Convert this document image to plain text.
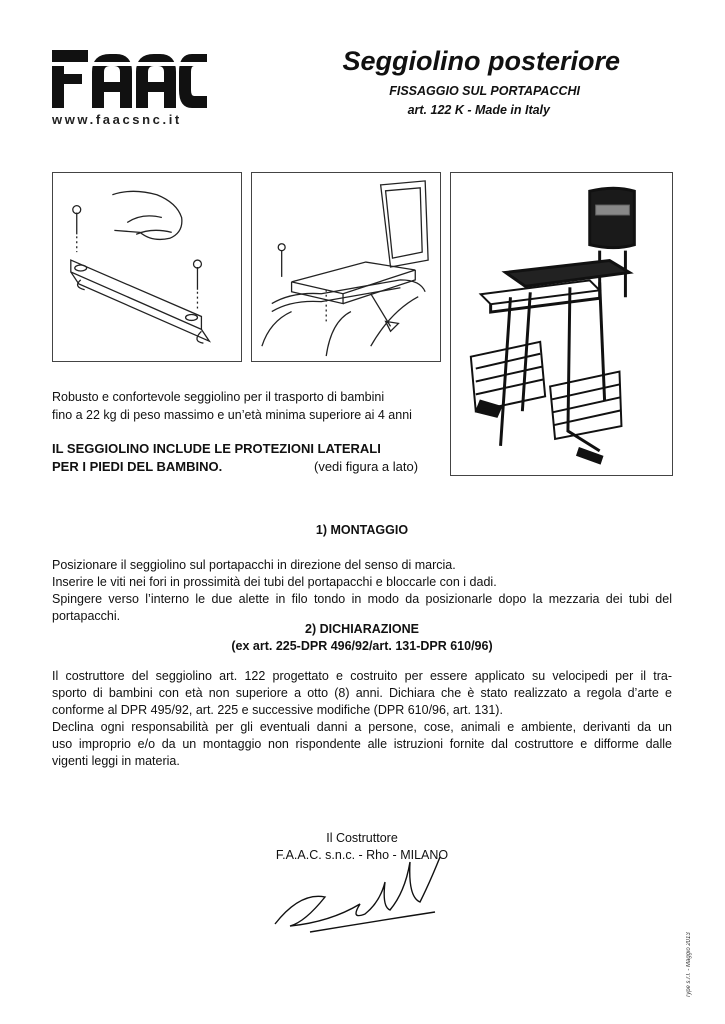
www.faacsnc.it
Seggiolino posteriore
FISSAGGIO SUL PORTAPACCHI
art. 122 K - Made in Italy
Robusto e confortevole seggiolino per il trasporto di bambini
fino a 22 kg di peso massimo e un’età minima superiore ai 4 anni
IL SEGGIOLINO INCLUDE LE PROTEZIONI LATERALI
PER I PIEDI DEL BAMBINO.	(vedi figura a lato)
1) MONTAGGIO
Posizionare il seggiolino sul portapacchi in direzione del senso di marcia.
Inserire le viti nei fori in prossimità dei tubi del portapacchi e bloccarle con i dadi.
Spingere verso l’interno le due alette in filo tondo in modo da posizionarle dopo la mezzaria dei tubi del
portapacchi.
2) DICHIARAZIONE
(ex art. 225-DPR 496/92/art. 131-DPR 610/96)
Il costruttore del seggiolino art. 122 progettato e costruito per essere applicato su velocipedi per il tra-
sporto di bambini con età non superiore a otto (8) anni. Dichiara che è stato realizzato a regola d’arte e
conforme al DPR 495/92, art. 225 e successive modifiche (DPR 610/96, art. 131).
Declina ogni responsabilità per gli eventuali danni a persone, cose, animali e ambiente, derivanti da un
uso improprio e/o da un montaggio non rispondente alle istruzioni fornite dal costruttore e difforme dalle
vigenti leggi in materia.
Il Costruttore
F.A.A.C. s.n.c. - Rho - MILANO
Type s.r.l. - Maggio 2013
